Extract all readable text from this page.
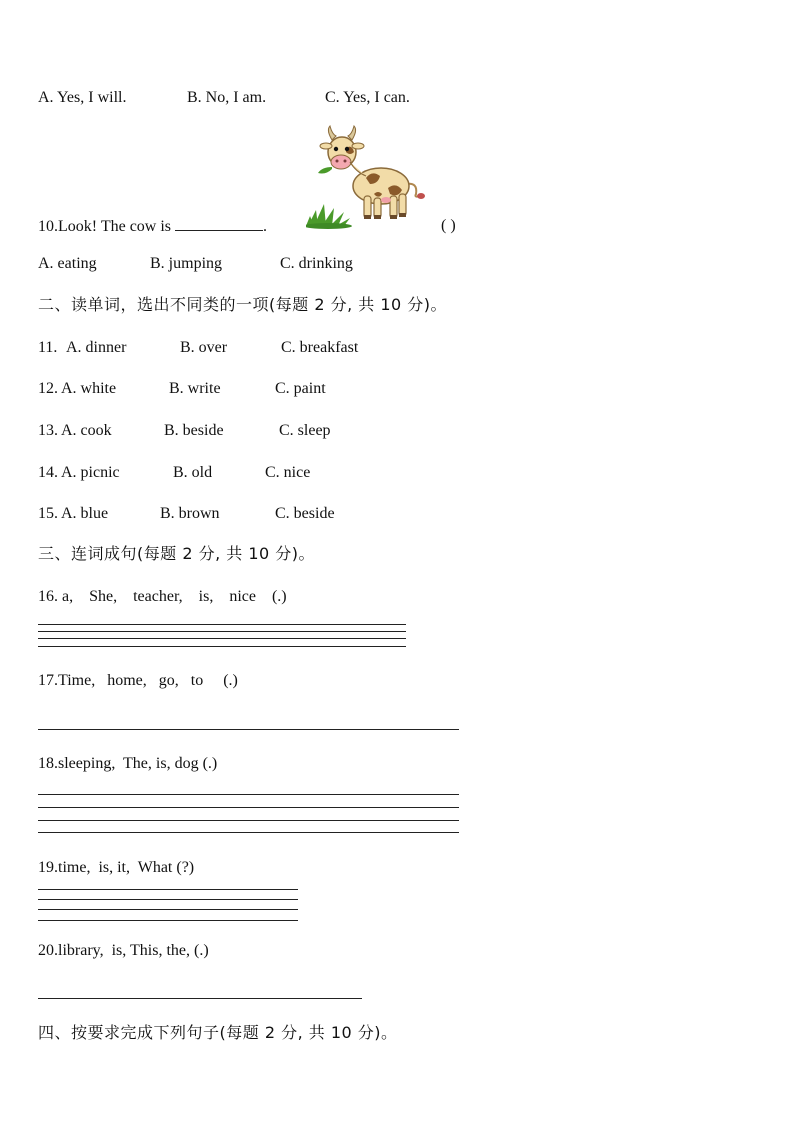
A. Yes, I will.	B. No, I am.	C. Yes, I can.
10.Look! The cow is	.	( )
A. eating	B. jumping	C. drinking
二、读单词，选出不同类的一项(每题 2 分, 共 10 分)。
11. A. dinner	B. over	C. breakfast
12. A. white	B. write	C. paint
13. A. cook	B. beside	C. sleep
14. A. picnic	B. old	C. nice
15. A. blue	B. brown	C. beside
三、连词成句(每题 2 分, 共 10 分)。
16. a,    She,    teacher,    is,    nice    (.)
17.Time,   home,   go,   to     (.)
18.sleeping,  The, is, dog (.)
19.time,  is, it,  What (?)
20.library,  is, This, the, (.)
四、按要求完成下列句子(每题 2 分, 共 10 分)。
